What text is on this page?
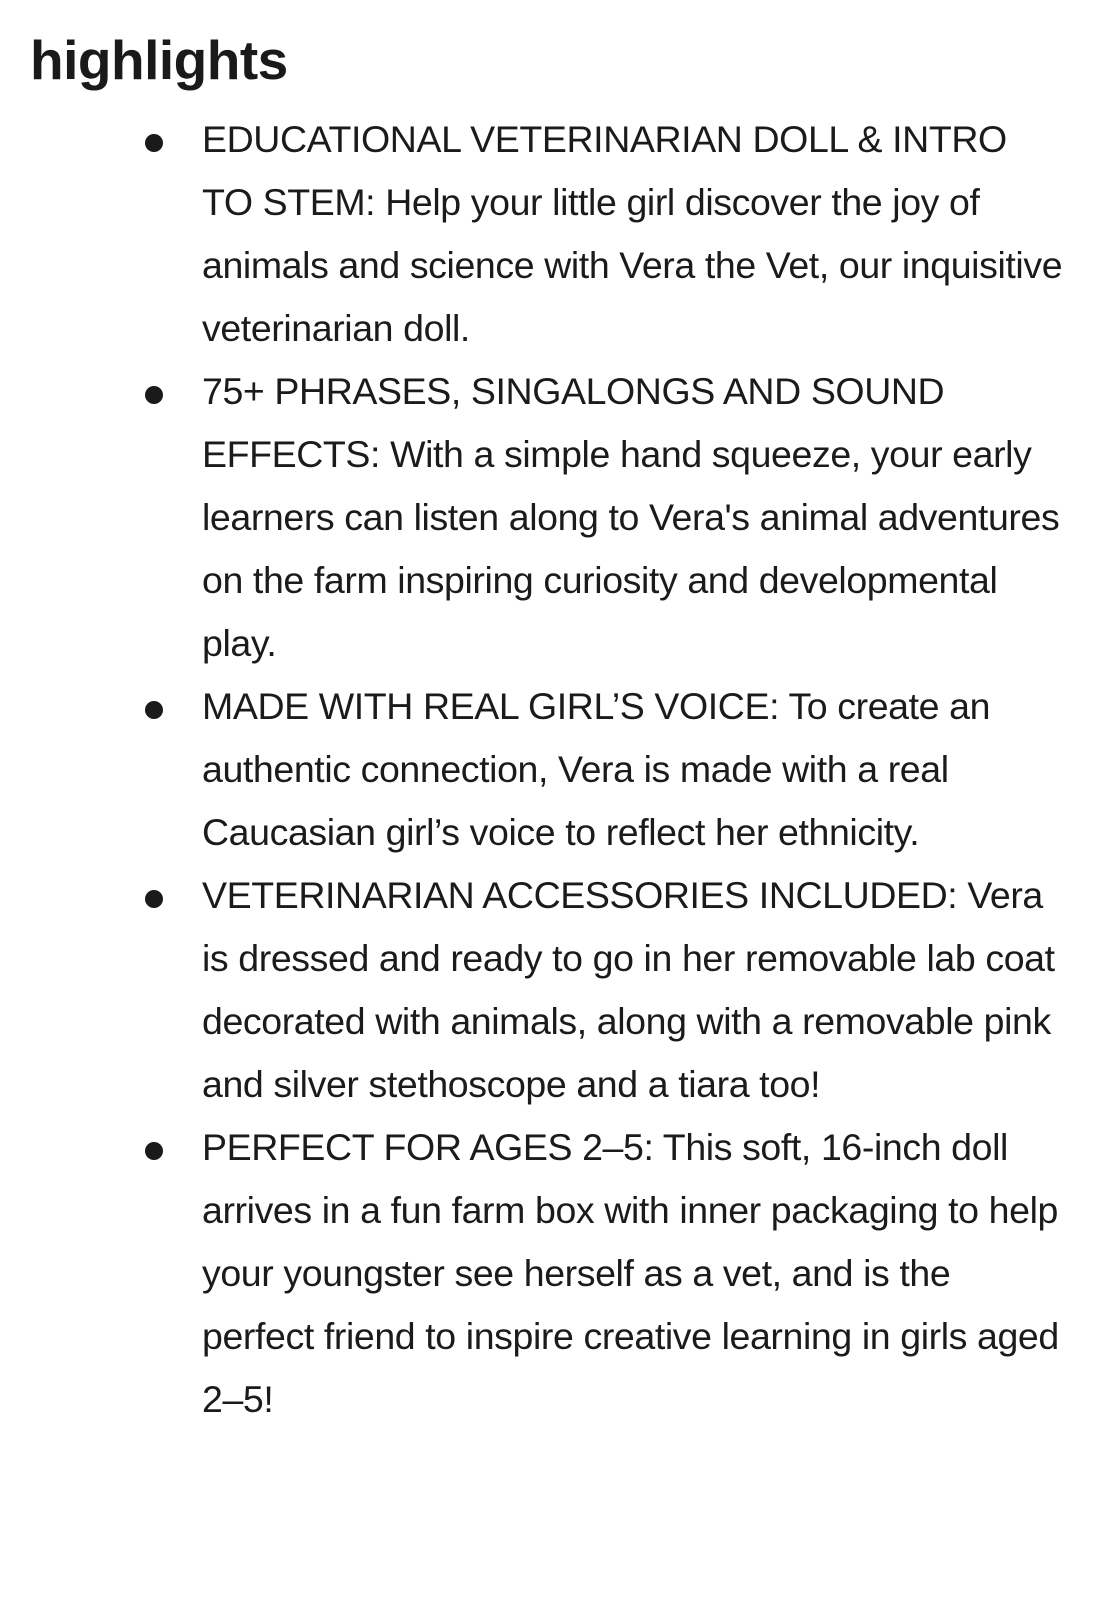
highlights
EDUCATIONAL VETERINARIAN DOLL & INTRO TO STEM: Help your little girl discover the joy of animals and science with Vera the Vet, our inquisitive veterinarian doll.
75+ PHRASES, SINGALONGS AND SOUND EFFECTS: With a simple hand squeeze, your early learners can listen along to Vera's animal adventures on the farm inspiring curiosity and developmental play.
MADE WITH REAL GIRL’S VOICE: To create an authentic connection, Vera is made with a real Caucasian girl’s voice to reflect her ethnicity.
VETERINARIAN ACCESSORIES INCLUDED: Vera is dressed and ready to go in her removable lab coat decorated with animals, along with a removable pink and silver stethoscope and a tiara too!
PERFECT FOR AGES 2–5: This soft, 16-inch doll arrives in a fun farm box with inner packaging to help your youngster see herself as a vet, and is the perfect friend to inspire creative learning in girls aged 2–5!
